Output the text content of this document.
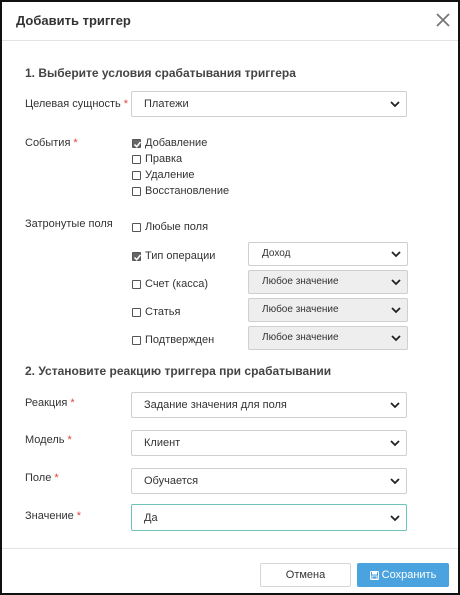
Добавить триггер
1. Выберите условия срабатывания триггера
Целевая сущность * Платежи
События *	Добавление
Правка
Удаление
Восстановление
Затронутые поля	Любые поля
Тип операции	Доход
Счет (касса)	Любое значение
Статья	Любое значение
Подтвержден	Любое значение
2. Установите реакцию триггера при срабатывании
Реакция *	Задание значения для поля
Модель *	Клиент
Поле *	Обучается
Значение *	Да
Отмена	Сохранить
